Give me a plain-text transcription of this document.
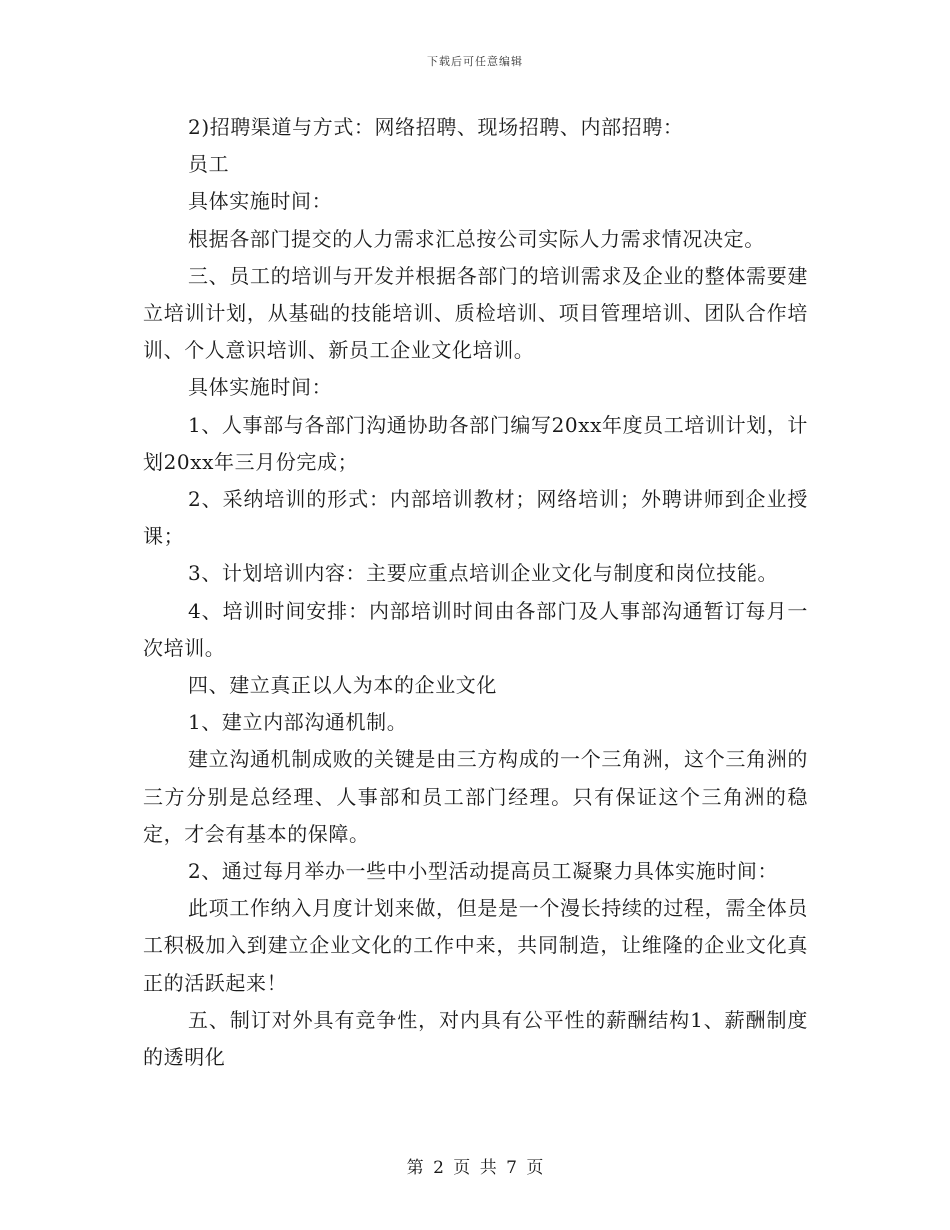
下载后可任意编辑

2)招聘渠道与方式：网络招聘、现场招聘、内部招聘：

员工

具体实施时间：

根据各部门提交的人力需求汇总按公司实际人力需求情况决定。

三、员工的培训与开发并根据各部门的培训需求及企业的整体需要建立培训计划，从基础的技能培训、质检培训、项目管理培训、团队合作培训、个人意识培训、新员工企业文化培训。

具体实施时间：

1、人事部与各部门沟通协助各部门编写20xx年度员工培训计划，计划20xx年三月份完成；

2、采纳培训的形式：内部培训教材；网络培训；外聘讲师到企业授课；

3、计划培训内容：主要应重点培训企业文化与制度和岗位技能。

4、培训时间安排：内部培训时间由各部门及人事部沟通暂订每月一次培训。

四、建立真正以人为本的企业文化

1、建立内部沟通机制。

建立沟通机制成败的关键是由三方构成的一个三角洲，这个三角洲的三方分别是总经理、人事部和员工部门经理。只有保证这个三角洲的稳定，才会有基本的保障。

2、通过每月举办一些中小型活动提高员工凝聚力具体实施时间：

此项工作纳入月度计划来做，但是是一个漫长持续的过程，需全体员工积极加入到建立企业文化的工作中来，共同制造，让维隆的企业文化真正的活跃起来！

五、制订对外具有竞争性，对内具有公平性的薪酬结构1、薪酬制度的透明化

第 2 页 共 7 页
